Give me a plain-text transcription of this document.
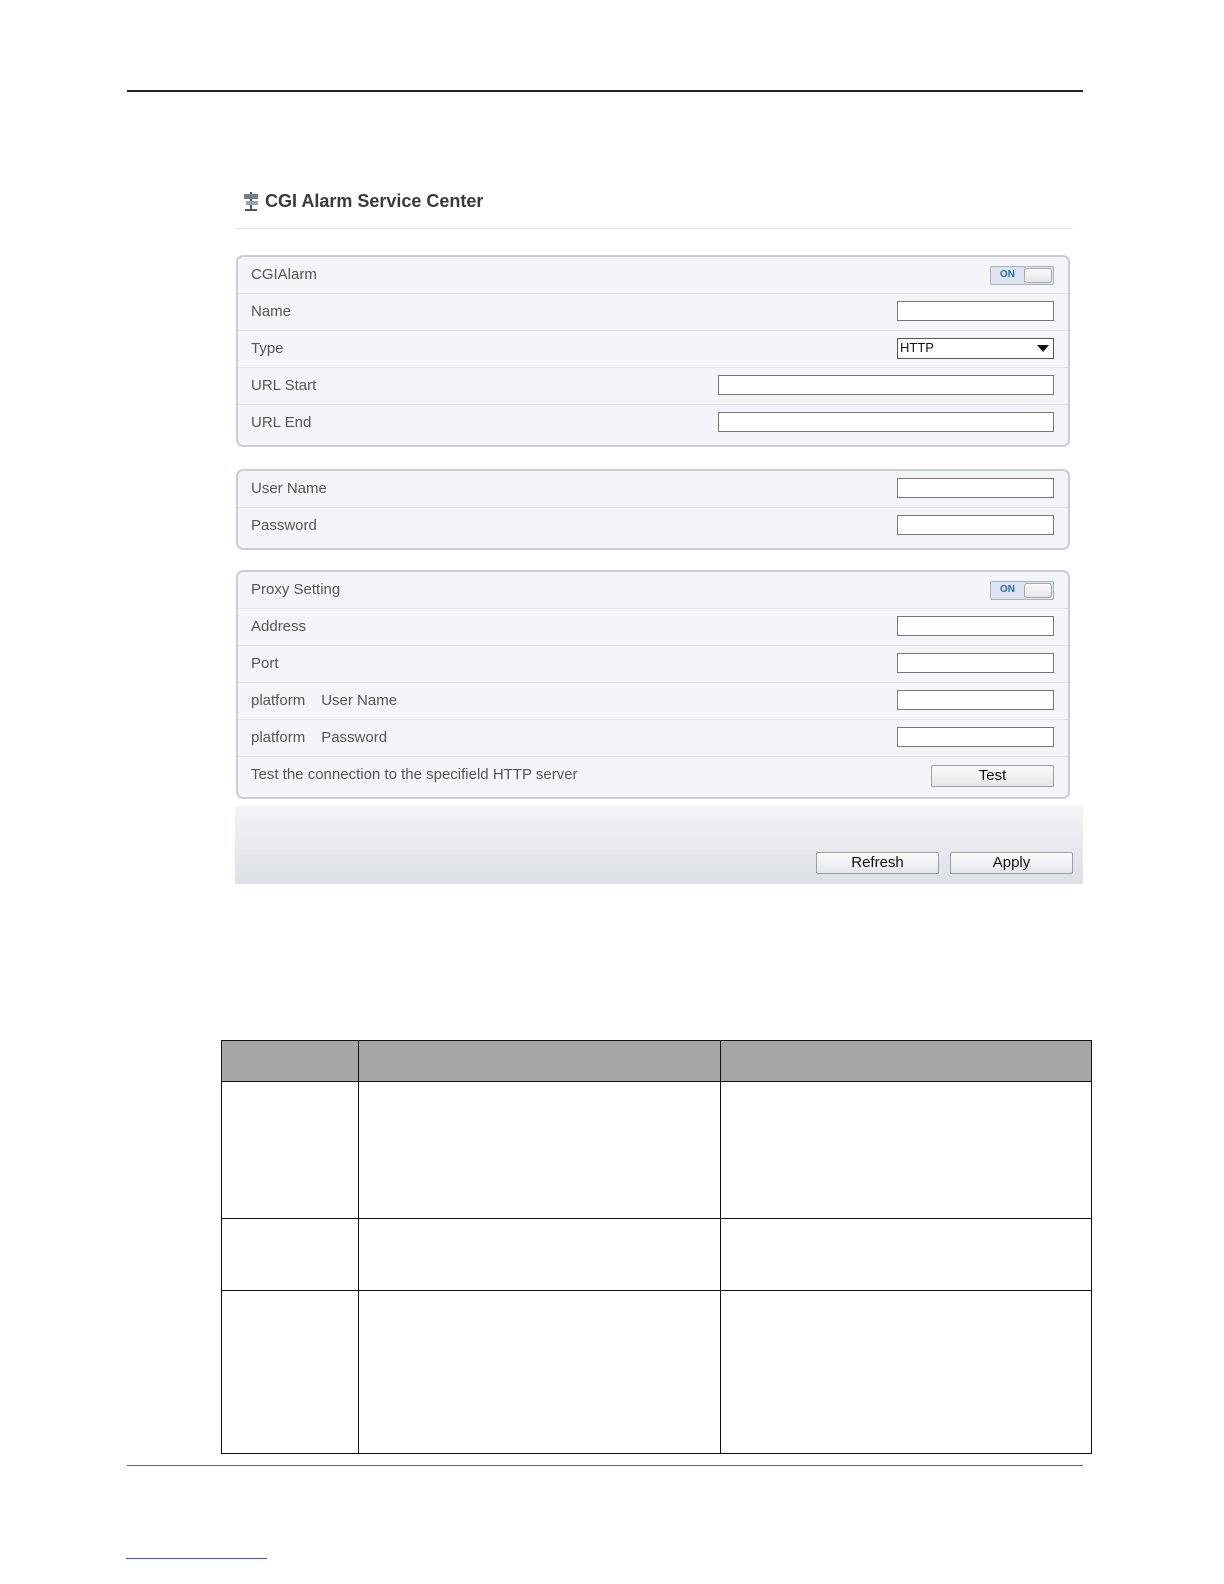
CGI Alarm Service Center
CGIAlarm	ON
Name
Type	HTTP
URL Start
URL End
User Name
Password
Proxy Setting	ON
Address
Port
platform User Name
platform Password
Test the connection to the specifield HTTP server	Test
Refresh	Apply
